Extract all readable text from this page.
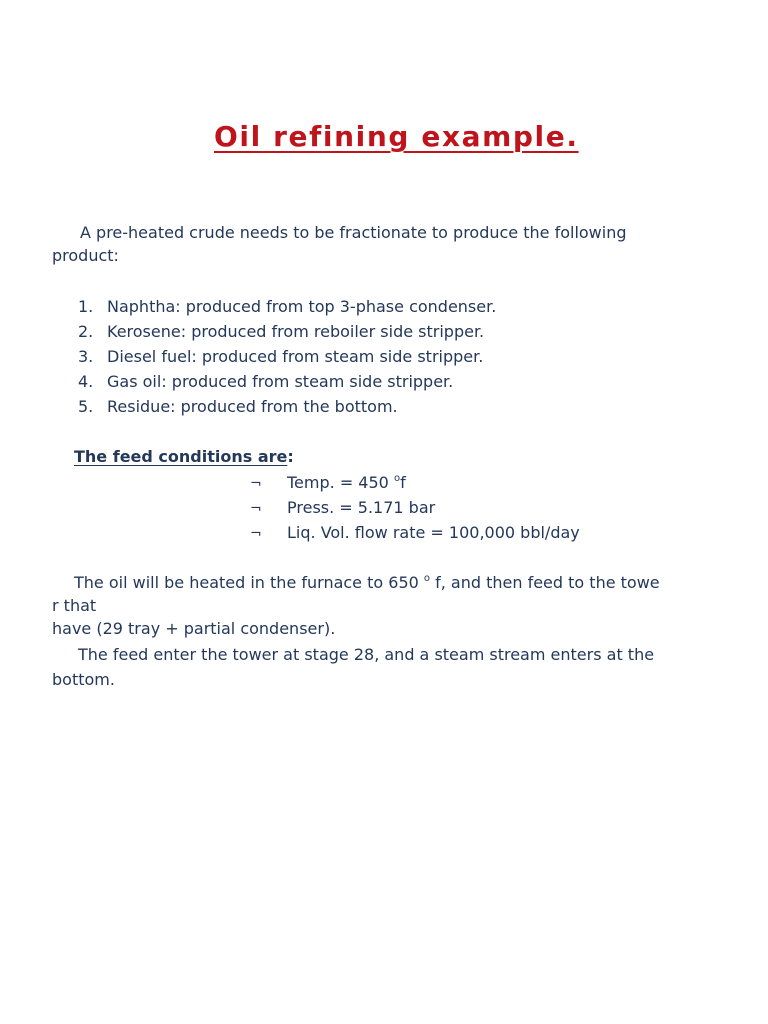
Oil refining example.
A pre-heated crude needs to be fractionate to produce the following
product:
1. Naphtha: produced from top 3-phase condenser.
2. Kerosene: produced from reboiler side stripper.
3. Diesel fuel: produced from steam side stripper.
4. Gas oil: produced from steam side stripper.
5. Residue: produced from the bottom.
The feed conditions are:
¬ Temp. = 450 $^o$f
¬ Press. = 5.171 bar
¬ Liq. Vol. flow rate = 100,000 bbl/day
The oil will be heated in the furnace to 650 $^o$ f, and then feed to the towe
r that
have (29 tray + partial condenser).
The feed enter the tower at stage 28, and a steam stream enters at the
bottom.
